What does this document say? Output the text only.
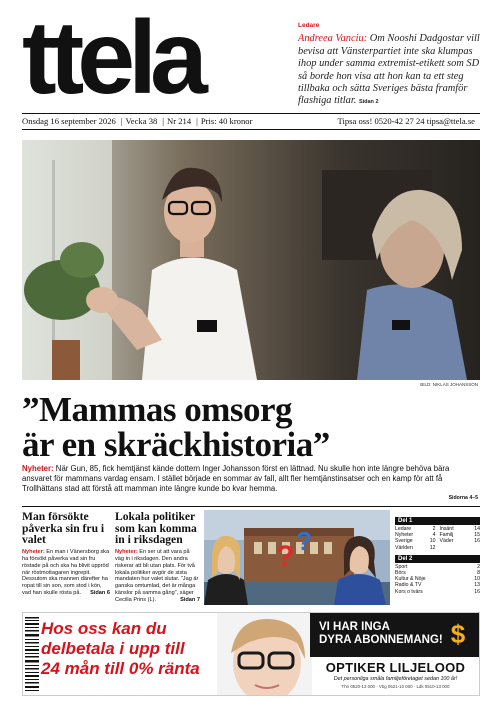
ttela	Ledare
Andreea Vanciu: Om Nooshi Dadgostar vill bevisa att Vänsterpartiet inte ska klumpas ihop under samma extremist-etikett som SD så borde hon visa att hon kan ta ett steg tillbaka och sätta Sveriges bästa framför flashiga titlar. Sidan 2
Onsdag 16 september 2026 | Vecka 38 | Nr 214 | Pris: 40 kronor	Tipsa oss! 0520-42 27 24 tipsa@ttela.se
BILD: NIKLAS JOHANSSON
”Mammas omsorg
är en skräckhistoria”
Nyheter: När Gun, 85, fick hemtjänst kände dottern Inger Johansson först en lättnad. Nu skulle hon inte längre behöva bära ansvaret för mammans vardag ensam. I stället började en sommar av fall, allt fler hemtjänstinsatser och en kamp för att få Trollhättans stad att förstå att mamman inte längre kunde bo kvar hemma.
Sidorna 4–5
Man försökte påverka sin fru i valet

Nyheter: En man i Vänersborg ska ha försökt påverka vad sin fru röstade på och ska ha blivit uppröd när röstmottagaren ingrepit. Dessutom ska mannen därefter ha ropat till sin son, som stod i kön, vad han skulle rösta på. Sidan 6

Lokala politiker som kan komma in i riksdagen

Nyheter: En ser ut att vara på väg in i riksdagen. Den andra riskerar att bli utan plats. För två lokala politiker avgör de sista mandaten hur valet slutar. ”Jag är ganska omtumlad, det är många känslor på samma gång”, säger Cecilia Prins (L).	Sidan 7

? ?
Del 1
Ledare	2
Nyheter	4
Sverige	10
Världen	12
Insänt	14
Familj	15
Väder	16
Del 2
Sport	2
Börs	8
Kultur & Nöje	10
Radio & TV	13
Kors o tvärs	16
Hos oss kan du
delbetala i upp till
24 mån till 0% ränta
VI HAR INGA
DYRA ABONNEMANG! $
OPTIKER LILJELOOD
Det personliga småla familjeföretaget sedan 100 år!
Thn 0520-13 000 · Vbg 0521-10 000 · Ldk 0510-13 000
